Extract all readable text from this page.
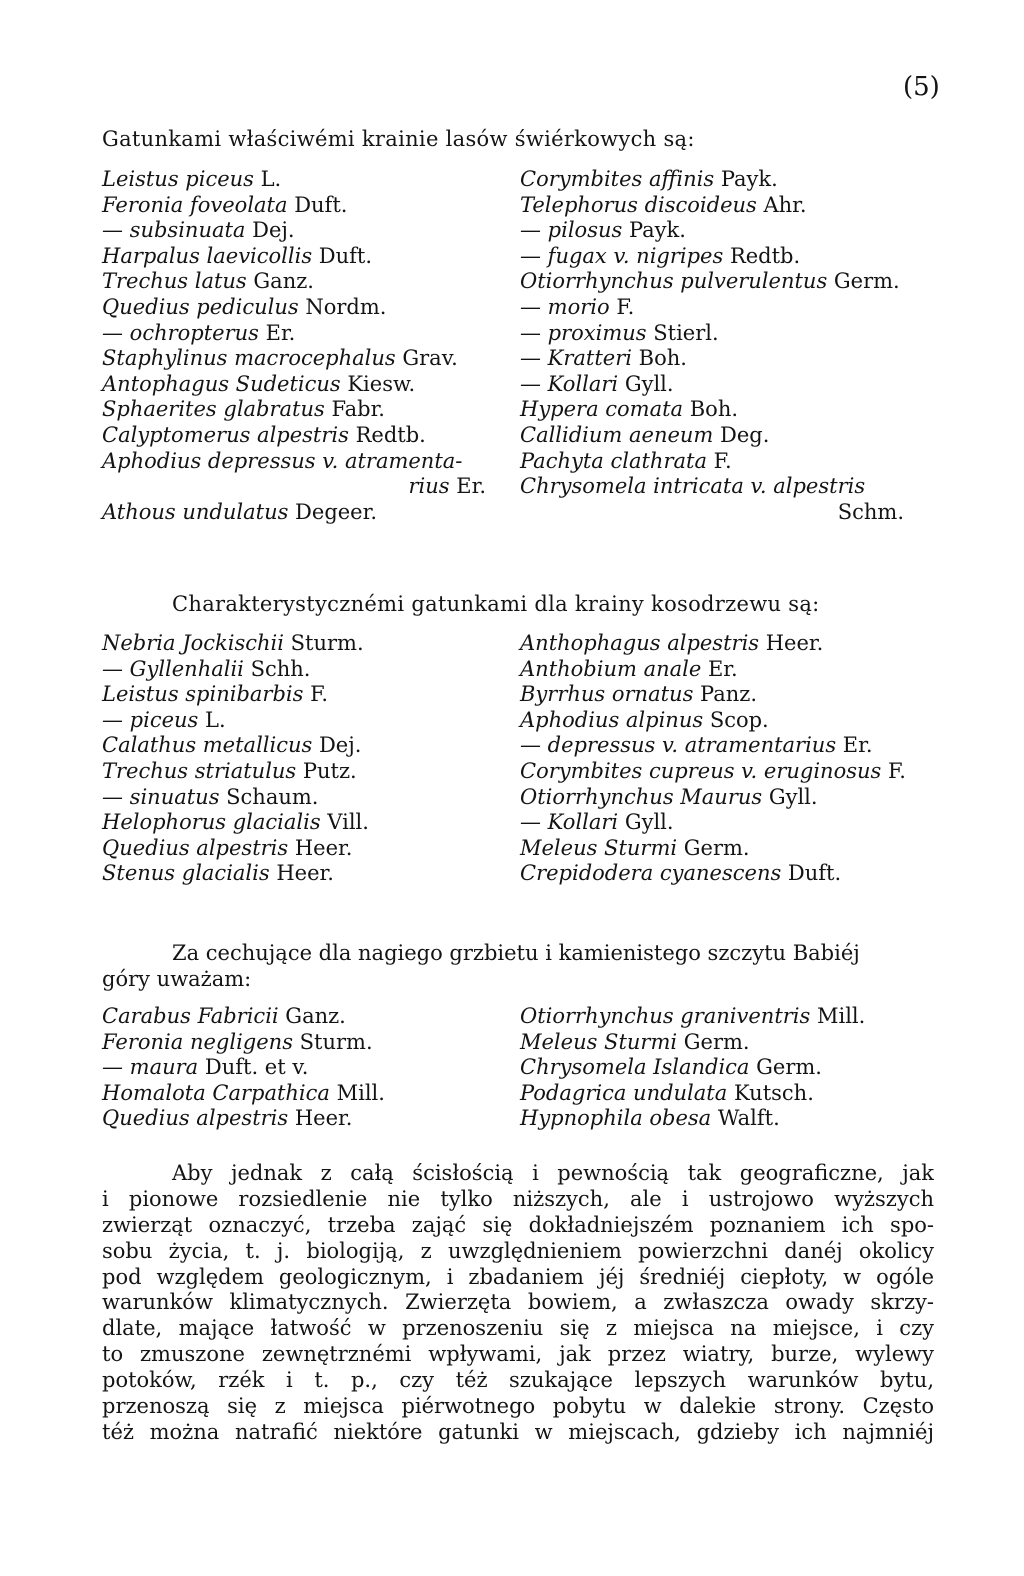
(5)
Gatunkami właściwémi krainie lasów świérkowych są:
Leistus piceus L.
Feronia foveolata Duft.
— subsinuata Dej.
Harpalus laevicollis Duft.
Trechus latus Ganz.
Quedius pediculus Nordm.
— ochropterus Er.
Staphylinus macrocephalus Grav.
Antophagus Sudeticus Kiesw.
Sphaerites glabratus Fabr.
Calyptomerus alpestris Redtb.
Aphodius depressus v. atramenta-
rius Er.
Athous undulatus Degeer.
Corymbites affinis Payk.
Telephorus discoideus Ahr.
— pilosus Payk.
— fugax v. nigripes Redtb.
Otiorrhynchus pulverulentus Germ.
— morio F.
— proximus Stierl.
— Kratteri Boh.
— Kollari Gyll.
Hypera comata Boh.
Callidium aeneum Deg.
Pachyta clathrata F.
Chrysomela intricata v. alpestris
Schm.
Charakterystycznémi gatunkami dla krainy kosodrzewu są:
Nebria Jockischii Sturm.
— Gyllenhalii Schh.
Leistus spinibarbis F.
— piceus L.
Calathus metallicus Dej.
Trechus striatulus Putz.
— sinuatus Schaum.
Helophorus glacialis Vill.
Quedius alpestris Heer.
Stenus glacialis Heer.
Anthophagus alpestris Heer.
Anthobium anale Er.
Byrrhus ornatus Panz.
Aphodius alpinus Scop.
— depressus v. atramentarius Er.
Corymbites cupreus v. eruginosus F.
Otiorrhynchus Maurus Gyll.
— Kollari Gyll.
Meleus Sturmi Germ.
Crepidodera cyanescens Duft.
Za cechujące dla nagiego grzbietu i kamienistego szczytu Babiéj
góry uważam:
Carabus Fabricii Ganz.
Feronia negligens Sturm.
— maura Duft. et v.
Homalota Carpathica Mill.
Quedius alpestris Heer.
Otiorrhynchus graniventris Mill.
Meleus Sturmi Germ.
Chrysomela Islandica Germ.
Podagrica undulata Kutsch.
Hypnophila obesa Walft.
Aby jednak z całą ścisłością i pewnością tak geograficzne, jak
i pionowe rozsiedlenie nie tylko niższych, ale i ustrojowo wyższych
zwierząt oznaczyć, trzeba zająć się dokładniejszém poznaniem ich spo-
sobu życia, t. j. biologiją, z uwzględnieniem powierzchni danéj okolicy
pod względem geologicznym, i zbadaniem jéj średniéj ciepłoty, w ogóle
warunków klimatycznych. Zwierzęta bowiem, a zwłaszcza owady skrzy-
dlate, mające łatwość w przenoszeniu się z miejsca na miejsce, i czy
to zmuszone zewnętrznémi wpływami, jak przez wiatry, burze, wylewy
potoków, rzék i t. p., czy téż szukające lepszych warunków bytu,
przenoszą się z miejsca piérwotnego pobytu w dalekie strony. Często
téż można natrafić niektóre gatunki w miejscach, gdzieby ich najmniéj
